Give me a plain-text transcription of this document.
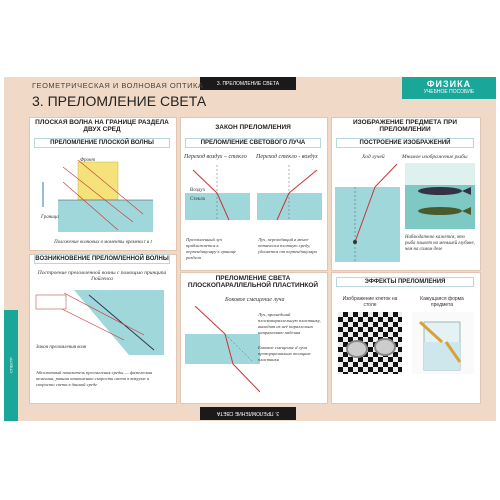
3. ПРЕЛОМЛЕНИЕ СВЕТА
3. ПРЕЛОМЛЕНИЕ СВЕТА
ФИЗИКА
УЧЕБНОЕ ПОСОБИЕ
СПЕКТР
ГЕОМЕТРИЧЕСКАЯ И ВОЛНОВАЯ ОПТИКА
3. ПРЕЛОМЛЕНИЕ СВЕТА
ПЛОСКАЯ ВОЛНА НА ГРАНИЦЕ РАЗДЕЛА ДВУХ СРЕД
ПРЕЛОМЛЕНИЕ ПЛОСКОЙ ВОЛНЫ
Фронт
Граница
Положение волновых в моменты времени t и t
ВОЗНИКНОВЕНИЕ ПРЕЛОМЛЕННОЙ ВОЛНЫ
Построение преломленной волны с помощью принципа Гюйгенса
Закон преломления волн
Абсолютный показатель преломления среды — физическая величина, равная отношению скорости света в вакууме и скорости света в данной среде
ЗАКОН ПРЕЛОМЛЕНИЯ
ПРЕЛОМЛЕНИЕ СВЕТОВОГО ЛУЧА
Переход воздух – стекло	Переход стекло - воздух
Воздух
Стекло
Преломленный луч приближается к перпендикуляру к границе раздела
Луч, переходящий в менее оптически плотную среду, удаляется от перпендикуляра
ПРЕЛОМЛЕНИЕ СВЕТА ПЛОСКОПАРАЛЛЕЛЬНОЙ ПЛАСТИНКОЙ
Боковое смещение луча
Луч, прошедший плоскопараллельную пластинку, выходит из неё параллельно направлению падения
Боковое смещение d луча пропорционально толщине пластинки
ИЗОБРАЖЕНИЕ ПРЕДМЕТА ПРИ ПРЕЛОМЛЕНИИ
ПОСТРОЕНИЕ ИЗОБРАЖЕНИЙ
Ход лучей	Мнимое изображение рыбы
Наблюдателю кажется, что рыба плывет на меньшей глубине, чем на самом деле
ЭФФЕКТЫ ПРЕЛОМЛЕНИЯ
Изображение клеток на столе
Кажущаяся форма предмета
